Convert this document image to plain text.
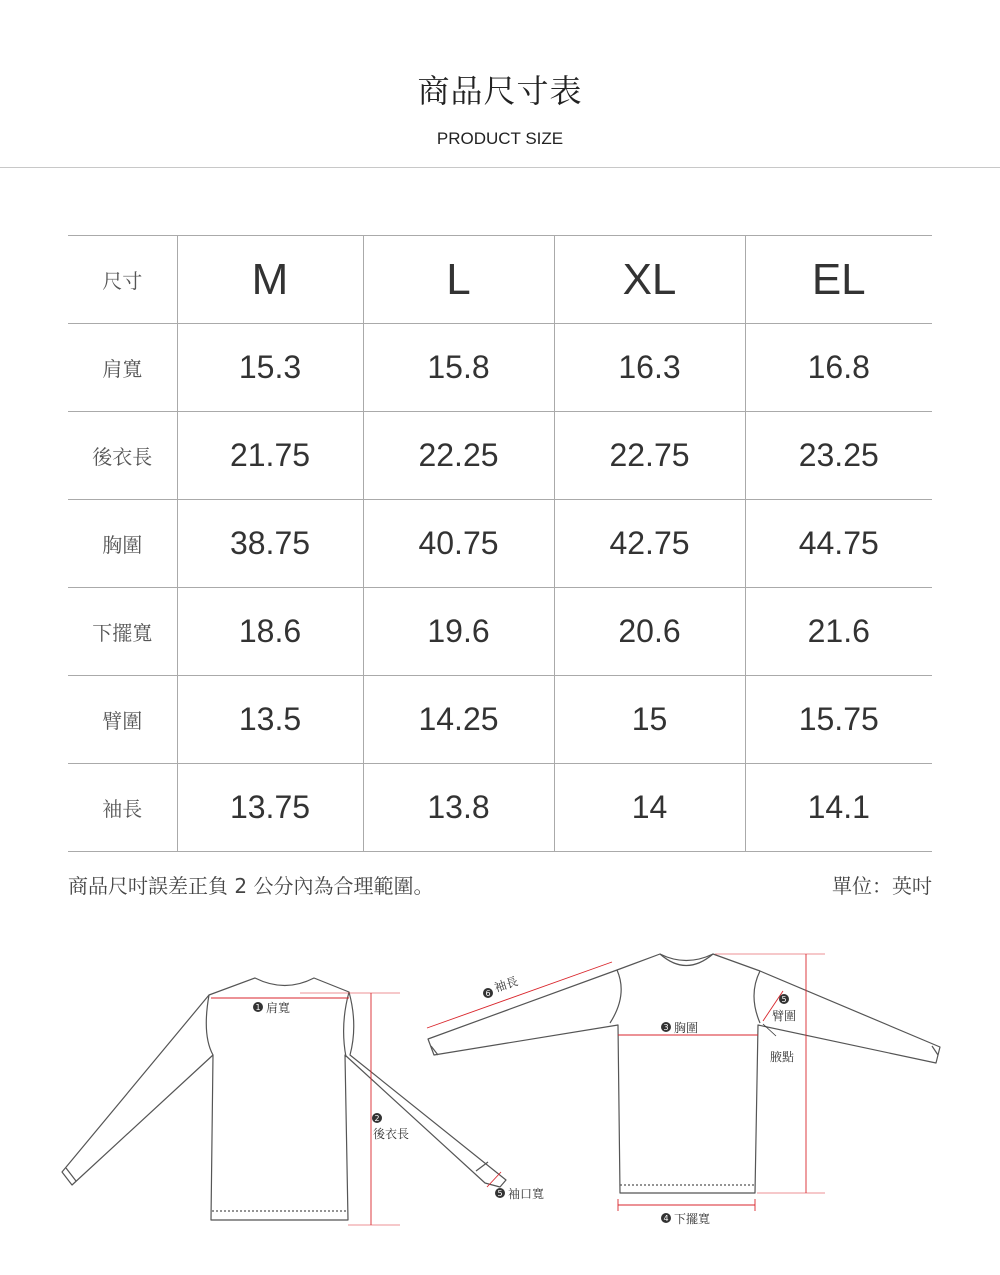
商品尺寸表
PRODUCT SIZE
尺寸	M	L	XL	EL
肩寬	15.3	15.8	16.3	16.8
後衣長	21.75	22.25	22.75	23.25
胸圍	38.75	40.75	42.75	44.75
下擺寬	18.6	19.6	20.6	21.6
臂圍	13.5	14.25	15	15.75
袖長	13.75	13.8	14	14.1
商品尺吋誤差正負 2 公分內為合理範圍。	單位：英吋
1 肩寬
2
後衣長
3 胸圍
4 下擺寬
5 袖口寬
5
臂圍
6 袖長
腋點
